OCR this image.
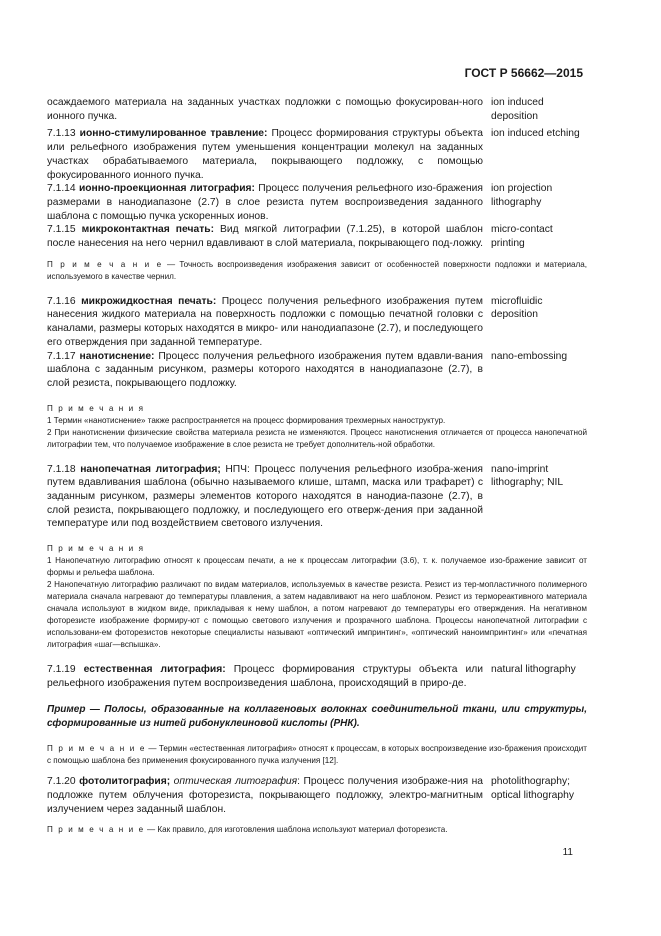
ГОСТ Р 56662—2015
осаждаемого материала на заданных участках подложки с помощью фокусирован-ного ионного пучка.
ion induced deposition
7.1.13 ионно-стимулированное травление: Процесс формирования структуры объекта или рельефного изображения путем уменьшения концентрации молекул на заданных участках обрабатываемого материала, покрывающего подложку, с помощью фокусированного ионного пучка.
ion induced etching
7.1.14 ионно-проекционная литография: Процесс получения рельефного изо-бражения размерами в нанодиапазоне (2.7) в слое резиста путем воспроизведения заданного шаблона с помощью пучка ускоренных ионов.
ion projection lithography
7.1.15 микроконтактная печать: Вид мягкой литографии (7.1.25), в которой шаблон после нанесения на него чернил вдавливают в слой материала, покрывающего под-ложку.
micro-contact printing
П р и м е ч а н и е — Точность воспроизведения изображения зависит от особенностей поверхности подложки и материала, используемого в качестве чернил.
7.1.16 микрожидкостная печать: Процесс получения рельефного изображения путем нанесения жидкого материала на поверхность подложки с помощью печатной головки с каналами, размеры которых находятся в микро- или нанодиапазоне (2.7), и последующего его отверждения при заданной температуре.
microfluidic deposition
7.1.17 нанотиснение: Процесс получения рельефного изображения путем вдавли-вания шаблона с заданным рисунком, размеры которого находятся в нанодиапазоне (2.7), в слой резиста, покрывающего подложку.
nano-embossing
П р и м е ч а н и я
1 Термин «нанотиснение» также распространяется на процесс формирования трехмерных наноструктур.
2 При нанотиснении физические свойства материала резиста не изменяются. Процесс нанотиснения отличается от процесса нанопечатной литографии тем, что получаемое изображение в слое резиста не требует дополнитель-ной обработки.
7.1.18 нанопечатная литография; НПЧ: Процесс получения рельефного изобра-жения путем вдавливания шаблона (обычно называемого клише, штамп, маска или трафарет) с заданным рисунком, размеры элементов которого находятся в нанодиа-пазоне (2.7), в слой резиста, покрывающего подложку, и последующего его отверж-дения при заданной температуре или под воздействием светового излучения.
nano-imprint lithography; NIL
П р и м е ч а н и я
1 Нанопечатную литографию относят к процессам печати, а не к процессам литографии (3.6), т. к. получаемое изо-бражение зависит от формы и рельефа шаблона.
2 Нанопечатную литографию различают по видам материалов, используемых в качестве резиста. Резист из тер-мопластичного полимерного материала сначала нагревают до температуры плавления, а затем надавливают на него шаблоном. Резист из термореактивного материала сначала используют в жидком виде, прикладывая к нему шаблон, а потом нагревают до температуры его отверждения. На негативном фоторезисте изображение формиру-ют с помощью светового излучения и прозрачного шаблона. Процессы нанопечатной литографии с использовани-ем фоторезистов некоторые специалисты называют «оптический импринтинг», «оптический наноимпринтинг» или «печатная литография «шаг—вспышка».
7.1.19 естественная литография: Процесс формирования структуры объекта или рельефного изображения путем воспроизведения шаблона, происходящий в приро-де.
natural lithography
Пример — Полосы, образованные на коллагеновых волокнах соединительной ткани, или структуры, сформированные из нитей рибонуклеиновой кислоты (РНК).
П р и м е ч а н и е — Термин «естественная литография» относят к процессам, в которых воспроизведение изо-бражения происходит с помощью шаблона без применения фокусированного пучка излучения [12].
7.1.20 фотолитография; оптическая литография: Процесс получения изображе-ния на подложке путем облучения фоторезиста, покрывающего подложку, электро-магнитным излучением через заданный шаблон.
photolithography; optical lithography
П р и м е ч а н и е — Как правило, для изготовления шаблона используют материал фоторезиста.
11
